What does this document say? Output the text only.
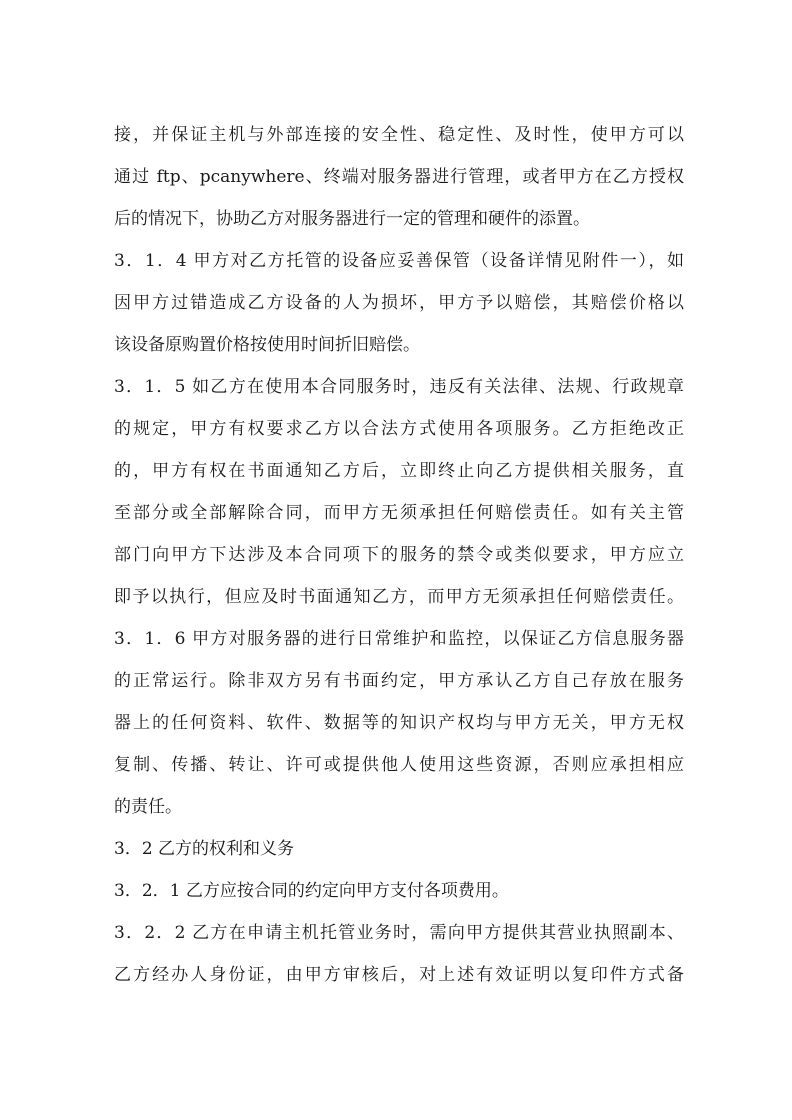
接，并保证主机与外部连接的安全性、稳定性、及时性，使甲方可以
通过 ftp、pcanywhere、终端对服务器进行管理，或者甲方在乙方授权
后的情况下，协助乙方对服务器进行一定的管理和硬件的添置。
3．1．4 甲方对乙方托管的设备应妥善保管（设备详情见附件一），如
因甲方过错造成乙方设备的人为损坏，甲方予以赔偿，其赔偿价格以
该设备原购置价格按使用时间折旧赔偿。
3．1．5 如乙方在使用本合同服务时，违反有关法律、法规、行政规章
的规定，甲方有权要求乙方以合法方式使用各项服务。乙方拒绝改正
的，甲方有权在书面通知乙方后，立即终止向乙方提供相关服务，直
至部分或全部解除合同，而甲方无须承担任何赔偿责任。如有关主管
部门向甲方下达涉及本合同项下的服务的禁令或类似要求，甲方应立
即予以执行，但应及时书面通知乙方，而甲方无须承担任何赔偿责任。
3．1．6 甲方对服务器的进行日常维护和监控，以保证乙方信息服务器
的正常运行。除非双方另有书面约定，甲方承认乙方自己存放在服务
器上的任何资料、软件、数据等的知识产权均与甲方无关，甲方无权
复制、传播、转让、许可或提供他人使用这些资源，否则应承担相应
的责任。
3．2 乙方的权利和义务
3．2．1 乙方应按合同的约定向甲方支付各项费用。
3．2．2 乙方在申请主机托管业务时，需向甲方提供其营业执照副本、
乙方经办人身份证，由甲方审核后，对上述有效证明以复印件方式备
